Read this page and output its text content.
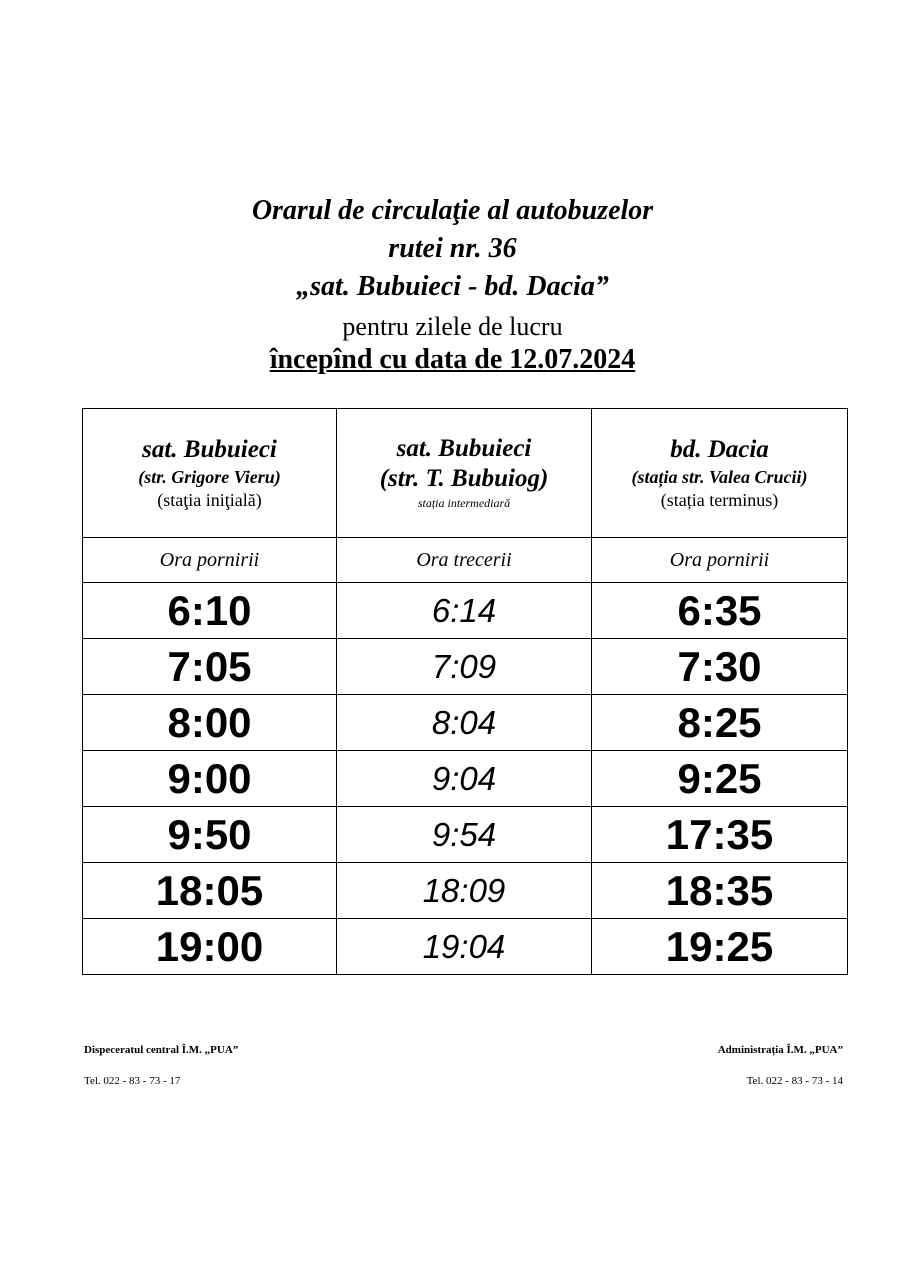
Orarul de circulaţie al autobuzelor

rutei nr. 36

„sat. Bubuieci - bd. Dacia”

pentru zilele de lucru

începînd cu data de 12.07.2024

sat. Bubuieci
(str. Grigore Vieru)
(staţia iniţială)	sat. Bubuieci
(str. T. Bubuiog)
stația intermediară	bd. Dacia
(stația str. Valea Crucii)
(stația terminus)

Ora pornirii	Ora trecerii	Ora pornirii
6:10	6:14	6:35
7:05	7:09	7:30
8:00	8:04	8:25
9:00	9:04	9:25
9:50	9:54	17:35
18:05	18:09	18:35
19:00	19:04	19:25
Dispeceratul central Î.M. „PUA”
Tel. 022 - 83 - 73 - 17
Administrația Î.M. „PUA”
Tel. 022 - 83 - 73 - 14
